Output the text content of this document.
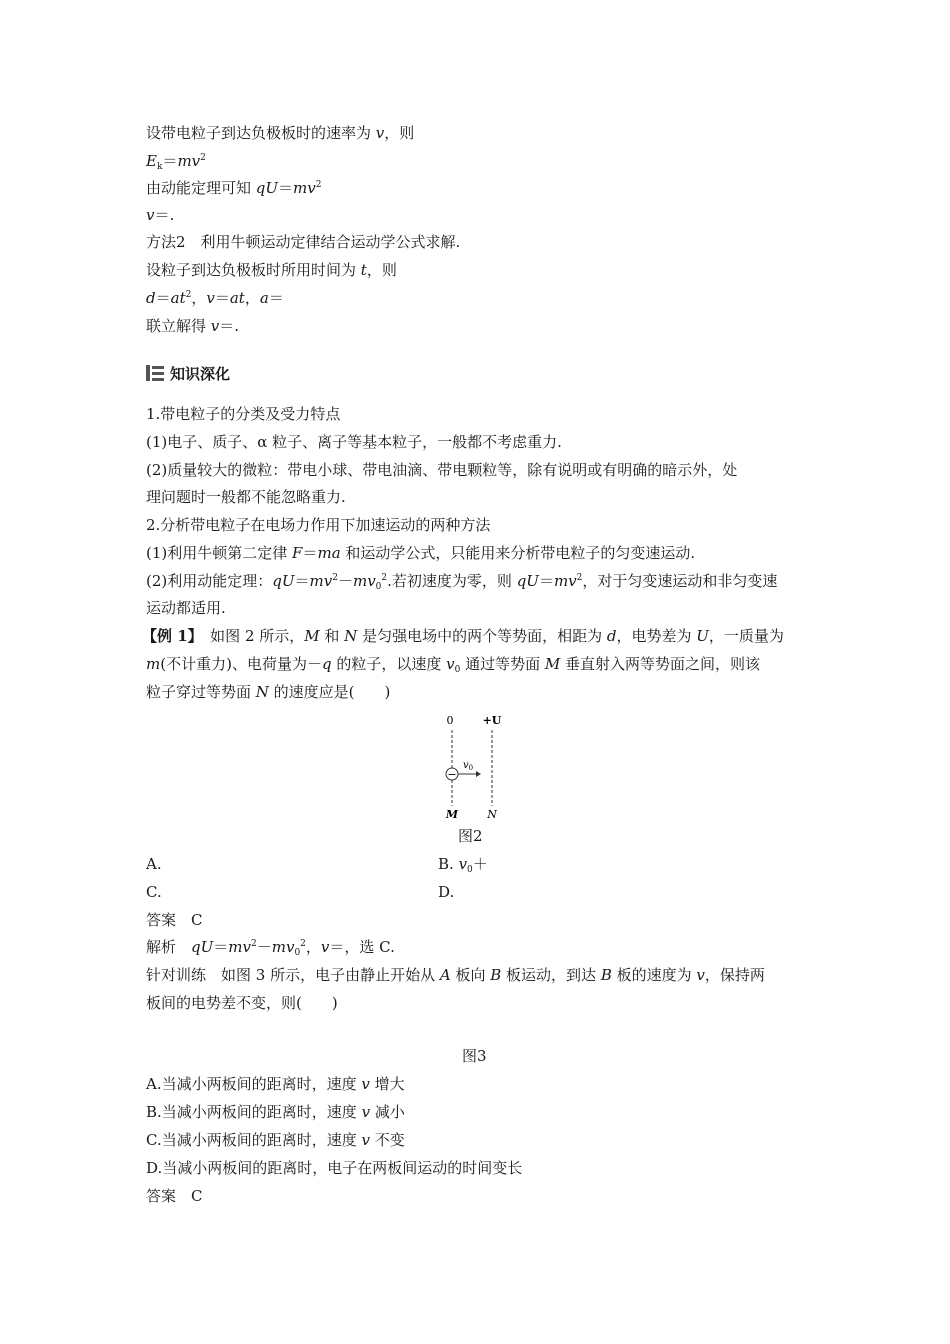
设带电粒子到达负极板时的速率为 v，则
$E_k=mv^2$
由动能定理可知 $qU=mv^2$
v＝.
方法2　利用牛顿运动定律结合运动学公式求解.
设粒子到达负极板时所用时间为 t，则
$d=at^2$，v＝at，a＝
联立解得 v＝.
知识深化
1.带电粒子的分类及受力特点
(1)电子、质子、α 粒子、离子等基本粒子，一般都不考虑重力.
(2)质量较大的微粒：带电小球、带电油滴、带电颗粒等，除有说明或有明确的暗示外，处
理问题时一般都不能忽略重力.
2.分析带电粒子在电场力作用下加速运动的两种方法
(1)利用牛顿第二定律 F＝ma 和运动学公式，只能用来分析带电粒子的匀变速运动.
(2)利用动能定理：$qU=mv^2-mv_0^2$.若初速度为零，则 $qU=mv^2$，对于匀变速运动和非匀变速
运动都适用.
【例 1】　如图 2 所示，M 和 N 是匀强电场中的两个等势面，相距为 d，电势差为 U，一质量为
m(不计重力)、电荷量为－q 的粒子，以速度 $v_0$ 通过等势面 M 垂直射入两等势面之间，则该
粒子穿过等势面 N 的速度应是(　　)
0	+U
−
$v_0$
M	N
图2
A.	B. $v_0+$
C.	D.
答案　C
解析　$qU=mv^2-mv_0^2$，v＝，选 C.
针对训练　如图 3 所示，电子由静止开始从 A 板向 B 板运动，到达 B 板的速度为 v，保持两
板间的电势差不变，则(　　)
图3
A.当减小两板间的距离时，速度 v 增大
B.当减小两板间的距离时，速度 v 减小
C.当减小两板间的距离时，速度 v 不变
D.当减小两板间的距离时，电子在两板间运动的时间变长
答案　C
